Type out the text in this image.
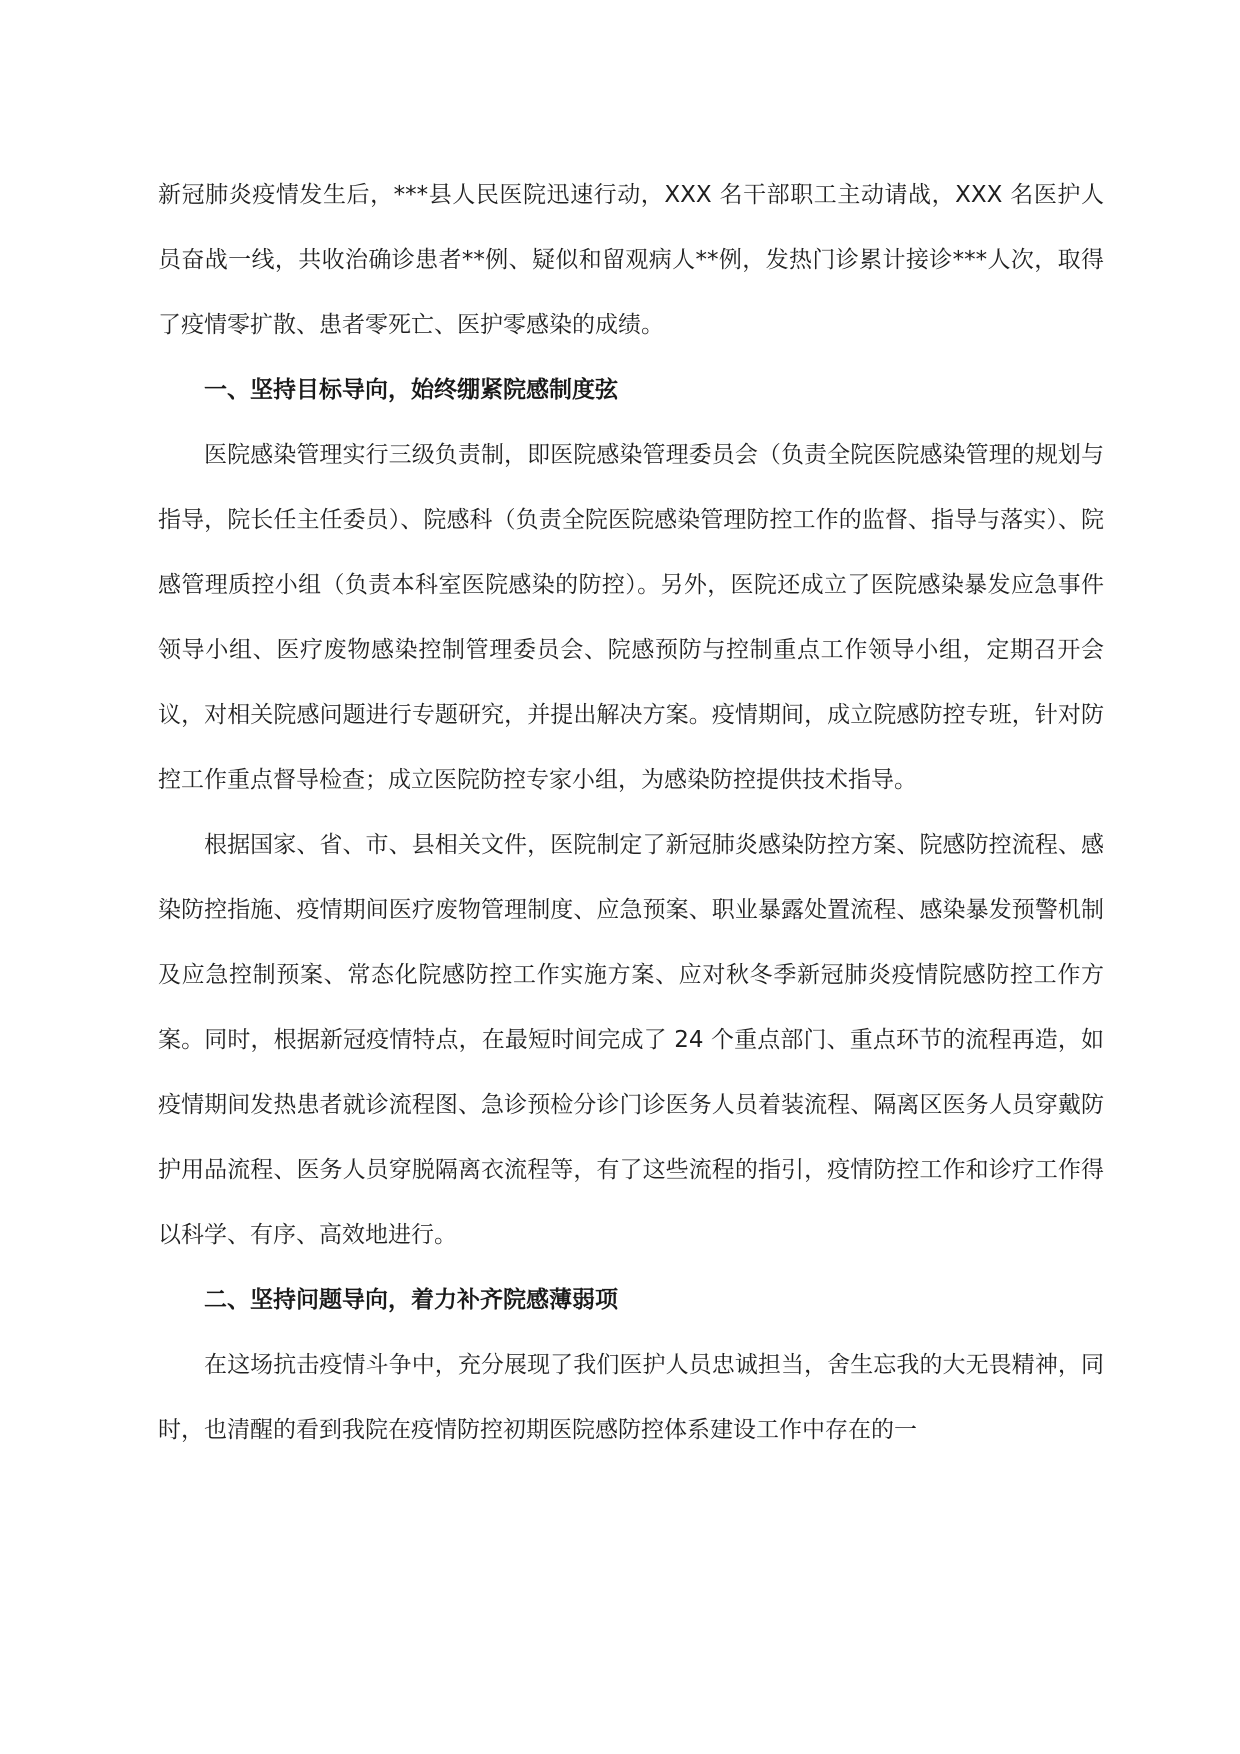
新冠肺炎疫情发生后，***县人民医院迅速行动，XXX 名干部职工主动请战，XXX 名医护人员奋战一线，共收治确诊患者**例、疑似和留观病人**例，发热门诊累计接诊***人次，取得了疫情零扩散、患者零死亡、医护零感染的成绩。

一、坚持目标导向，始终绷紧院感制度弦

医院感染管理实行三级负责制，即医院感染管理委员会（负责全院医院感染管理的规划与指导，院长任主任委员）、院感科（负责全院医院感染管理防控工作的监督、指导与落实）、院感管理质控小组（负责本科室医院感染的防控）。另外，医院还成立了医院感染暴发应急事件领导小组、医疗废物感染控制管理委员会、院感预防与控制重点工作领导小组，定期召开会议，对相关院感问题进行专题研究，并提出解决方案。疫情期间，成立院感防控专班，针对防控工作重点督导检查；成立医院防控专家小组，为感染防控提供技术指导。

根据国家、省、市、县相关文件，医院制定了新冠肺炎感染防控方案、院感防控流程、感染防控指施、疫情期间医疗废物管理制度、应急预案、职业暴露处置流程、感染暴发预警机制及应急控制预案、常态化院感防控工作实施方案、应对秋冬季新冠肺炎疫情院感防控工作方案。同时，根据新冠疫情特点，在最短时间完成了 24 个重点部门、重点环节的流程再造，如疫情期间发热患者就诊流程图、急诊预检分诊门诊医务人员着装流程、隔离区医务人员穿戴防护用品流程、医务人员穿脱隔离衣流程等，有了这些流程的指引，疫情防控工作和诊疗工作得以科学、有序、高效地进行。

二、坚持问题导向，着力补齐院感薄弱项

在这场抗击疫情斗争中，充分展现了我们医护人员忠诚担当，舍生忘我的大无畏精神，同时，也清醒的看到我院在疫情防控初期医院感防控体系建设工作中存在的一
